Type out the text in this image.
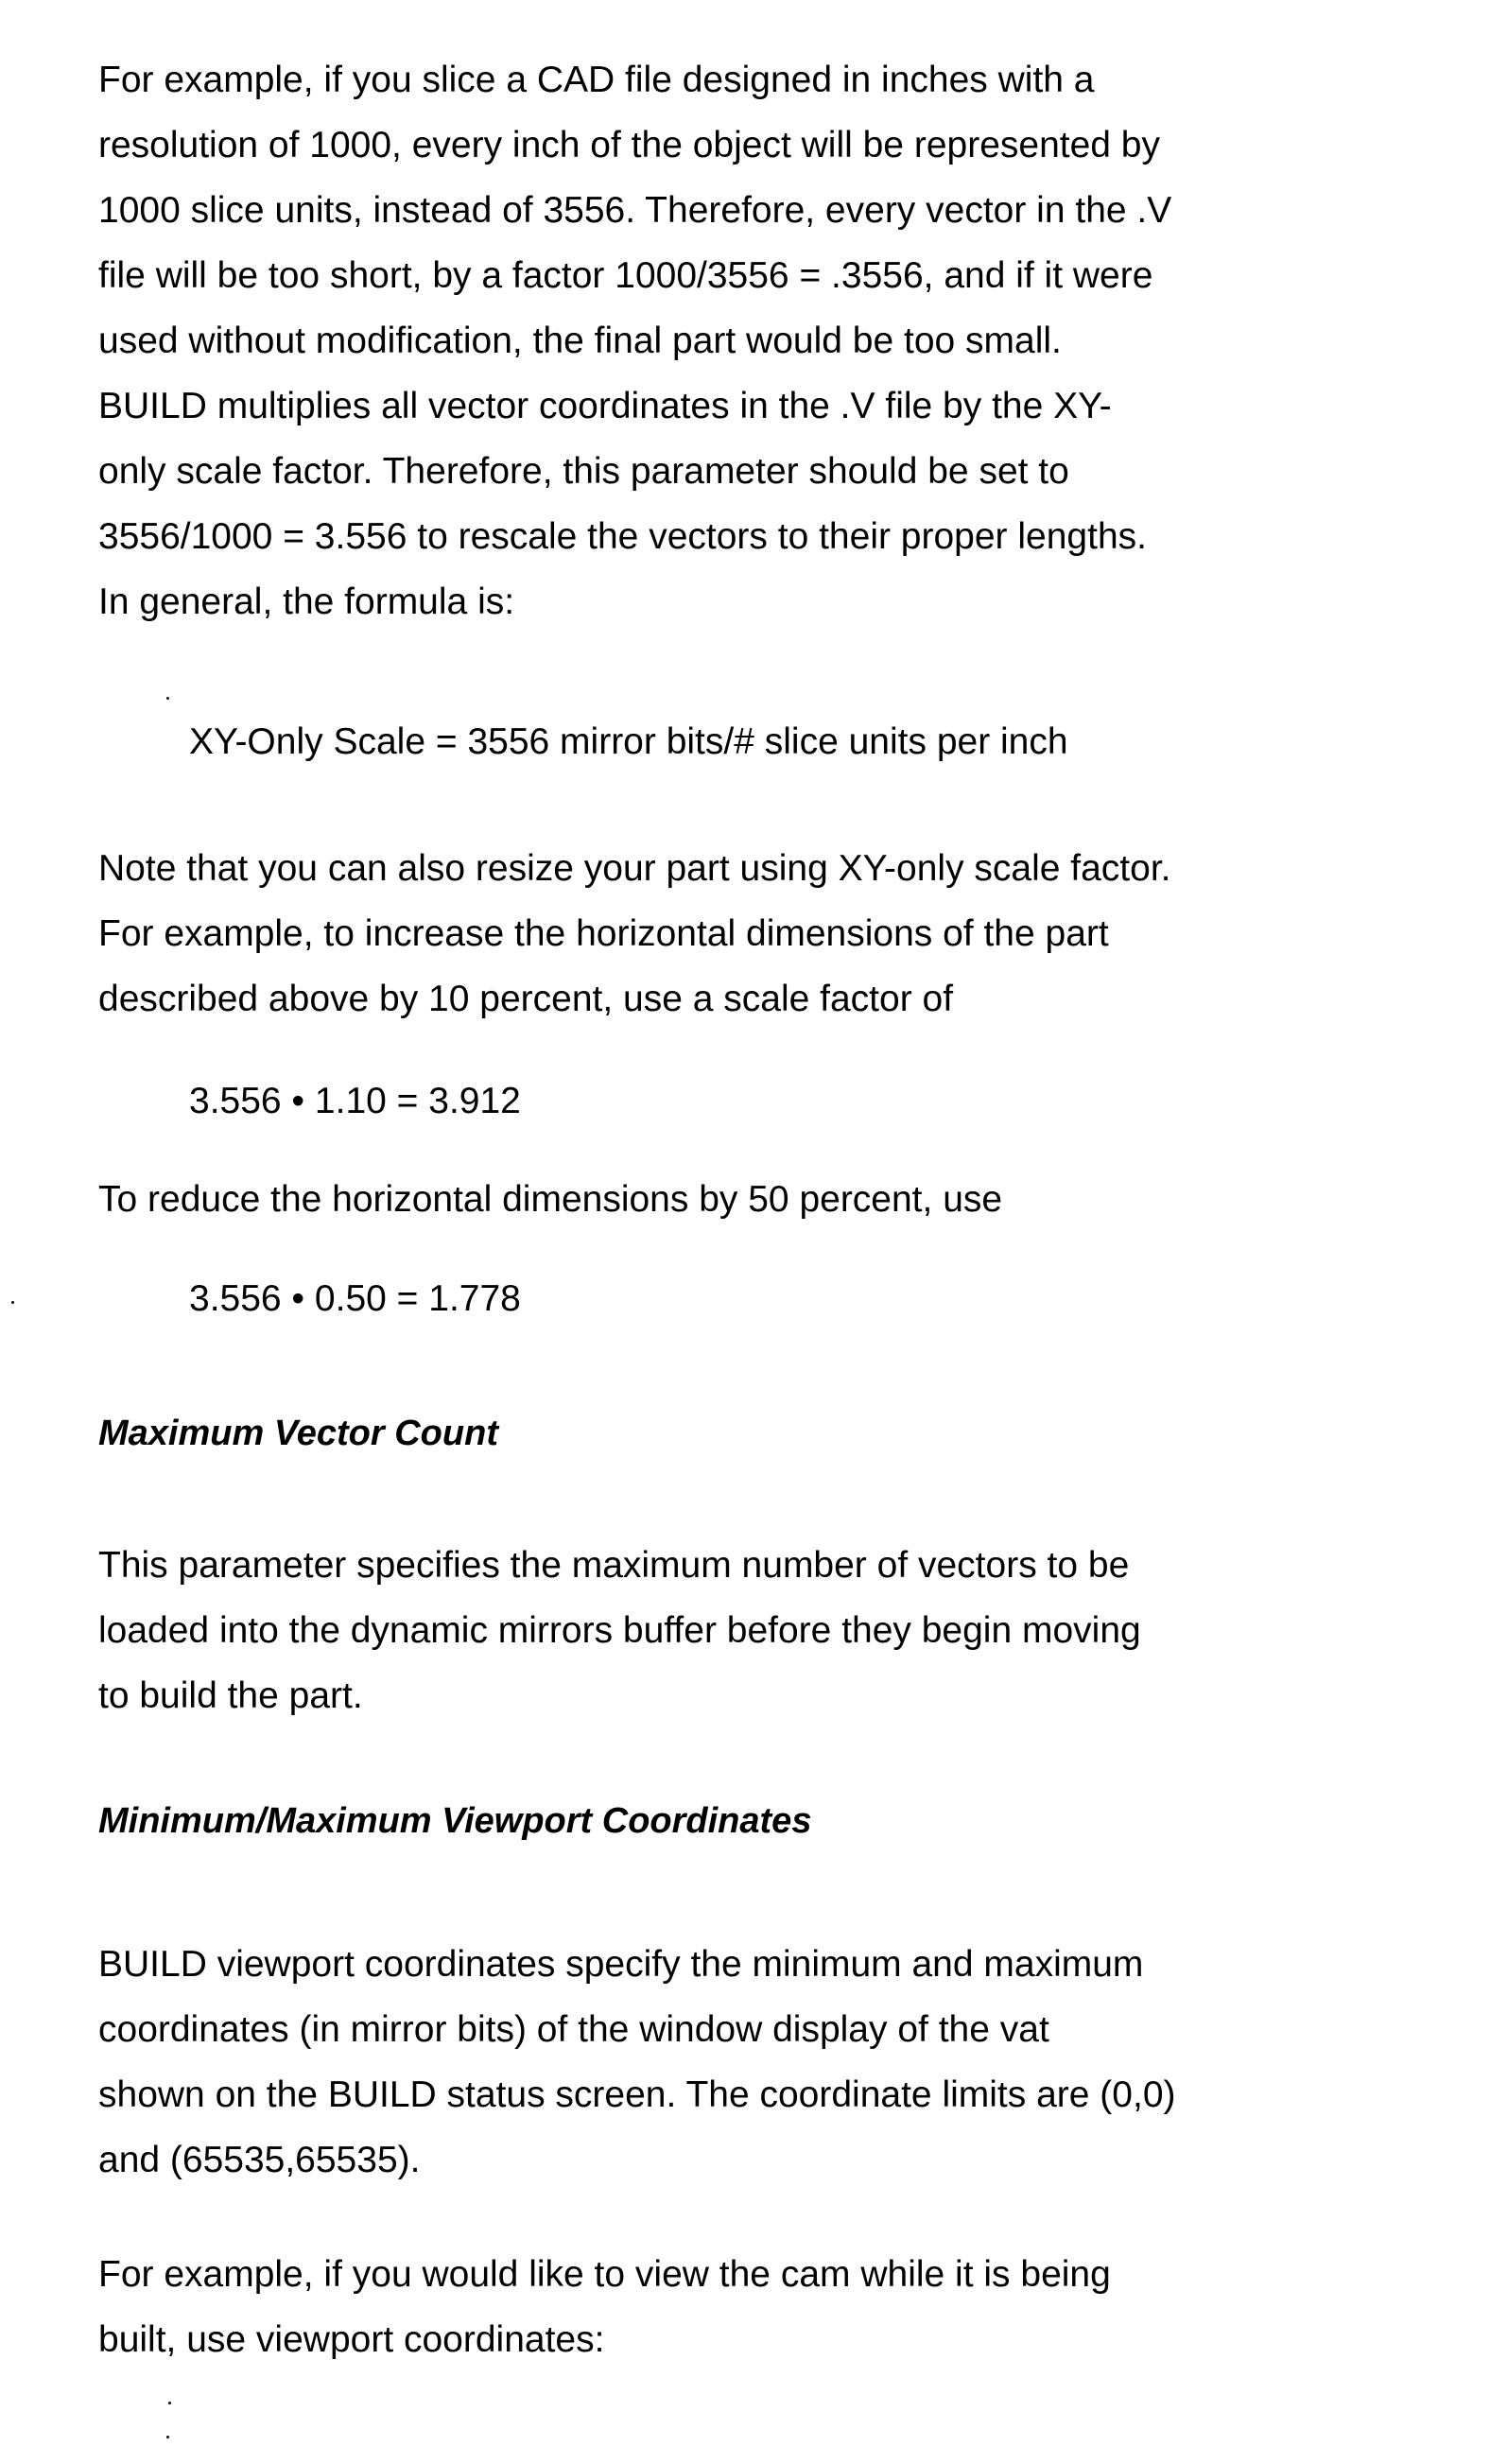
For example, if you slice a CAD file designed in inches with a
resolution of 1000, every inch of the object will be represented by
1000 slice units, instead of 3556. Therefore, every vector in the .V
file will be too short, by a factor 1000/3556 = .3556, and if it were
used without modification, the final part would be too small.
BUILD multiplies all vector coordinates in the .V file by the XY-
only scale factor. Therefore, this parameter should be set to
3556/1000 = 3.556 to rescale the vectors to their proper lengths.
In general, the formula is:
XY-Only Scale = 3556 mirror bits/# slice units per inch
Note that you can also resize your part using XY-only scale factor.
For example, to increase the horizontal dimensions of the part
described above by 10 percent, use a scale factor of
3.556 • 1.10 = 3.912
To reduce the horizontal dimensions by 50 percent, use
3.556 • 0.50 = 1.778
Maximum Vector Count
This parameter specifies the maximum number of vectors to be
loaded into the dynamic mirrors buffer before they begin moving
to build the part.
Minimum/Maximum Viewport Coordinates
BUILD viewport coordinates specify the minimum and maximum
coordinates (in mirror bits) of the window display of the vat
shown on the BUILD status screen. The coordinate limits are (0,0)
and (65535,65535).
For example, if you would like to view the cam while it is being
built, use viewport coordinates:
